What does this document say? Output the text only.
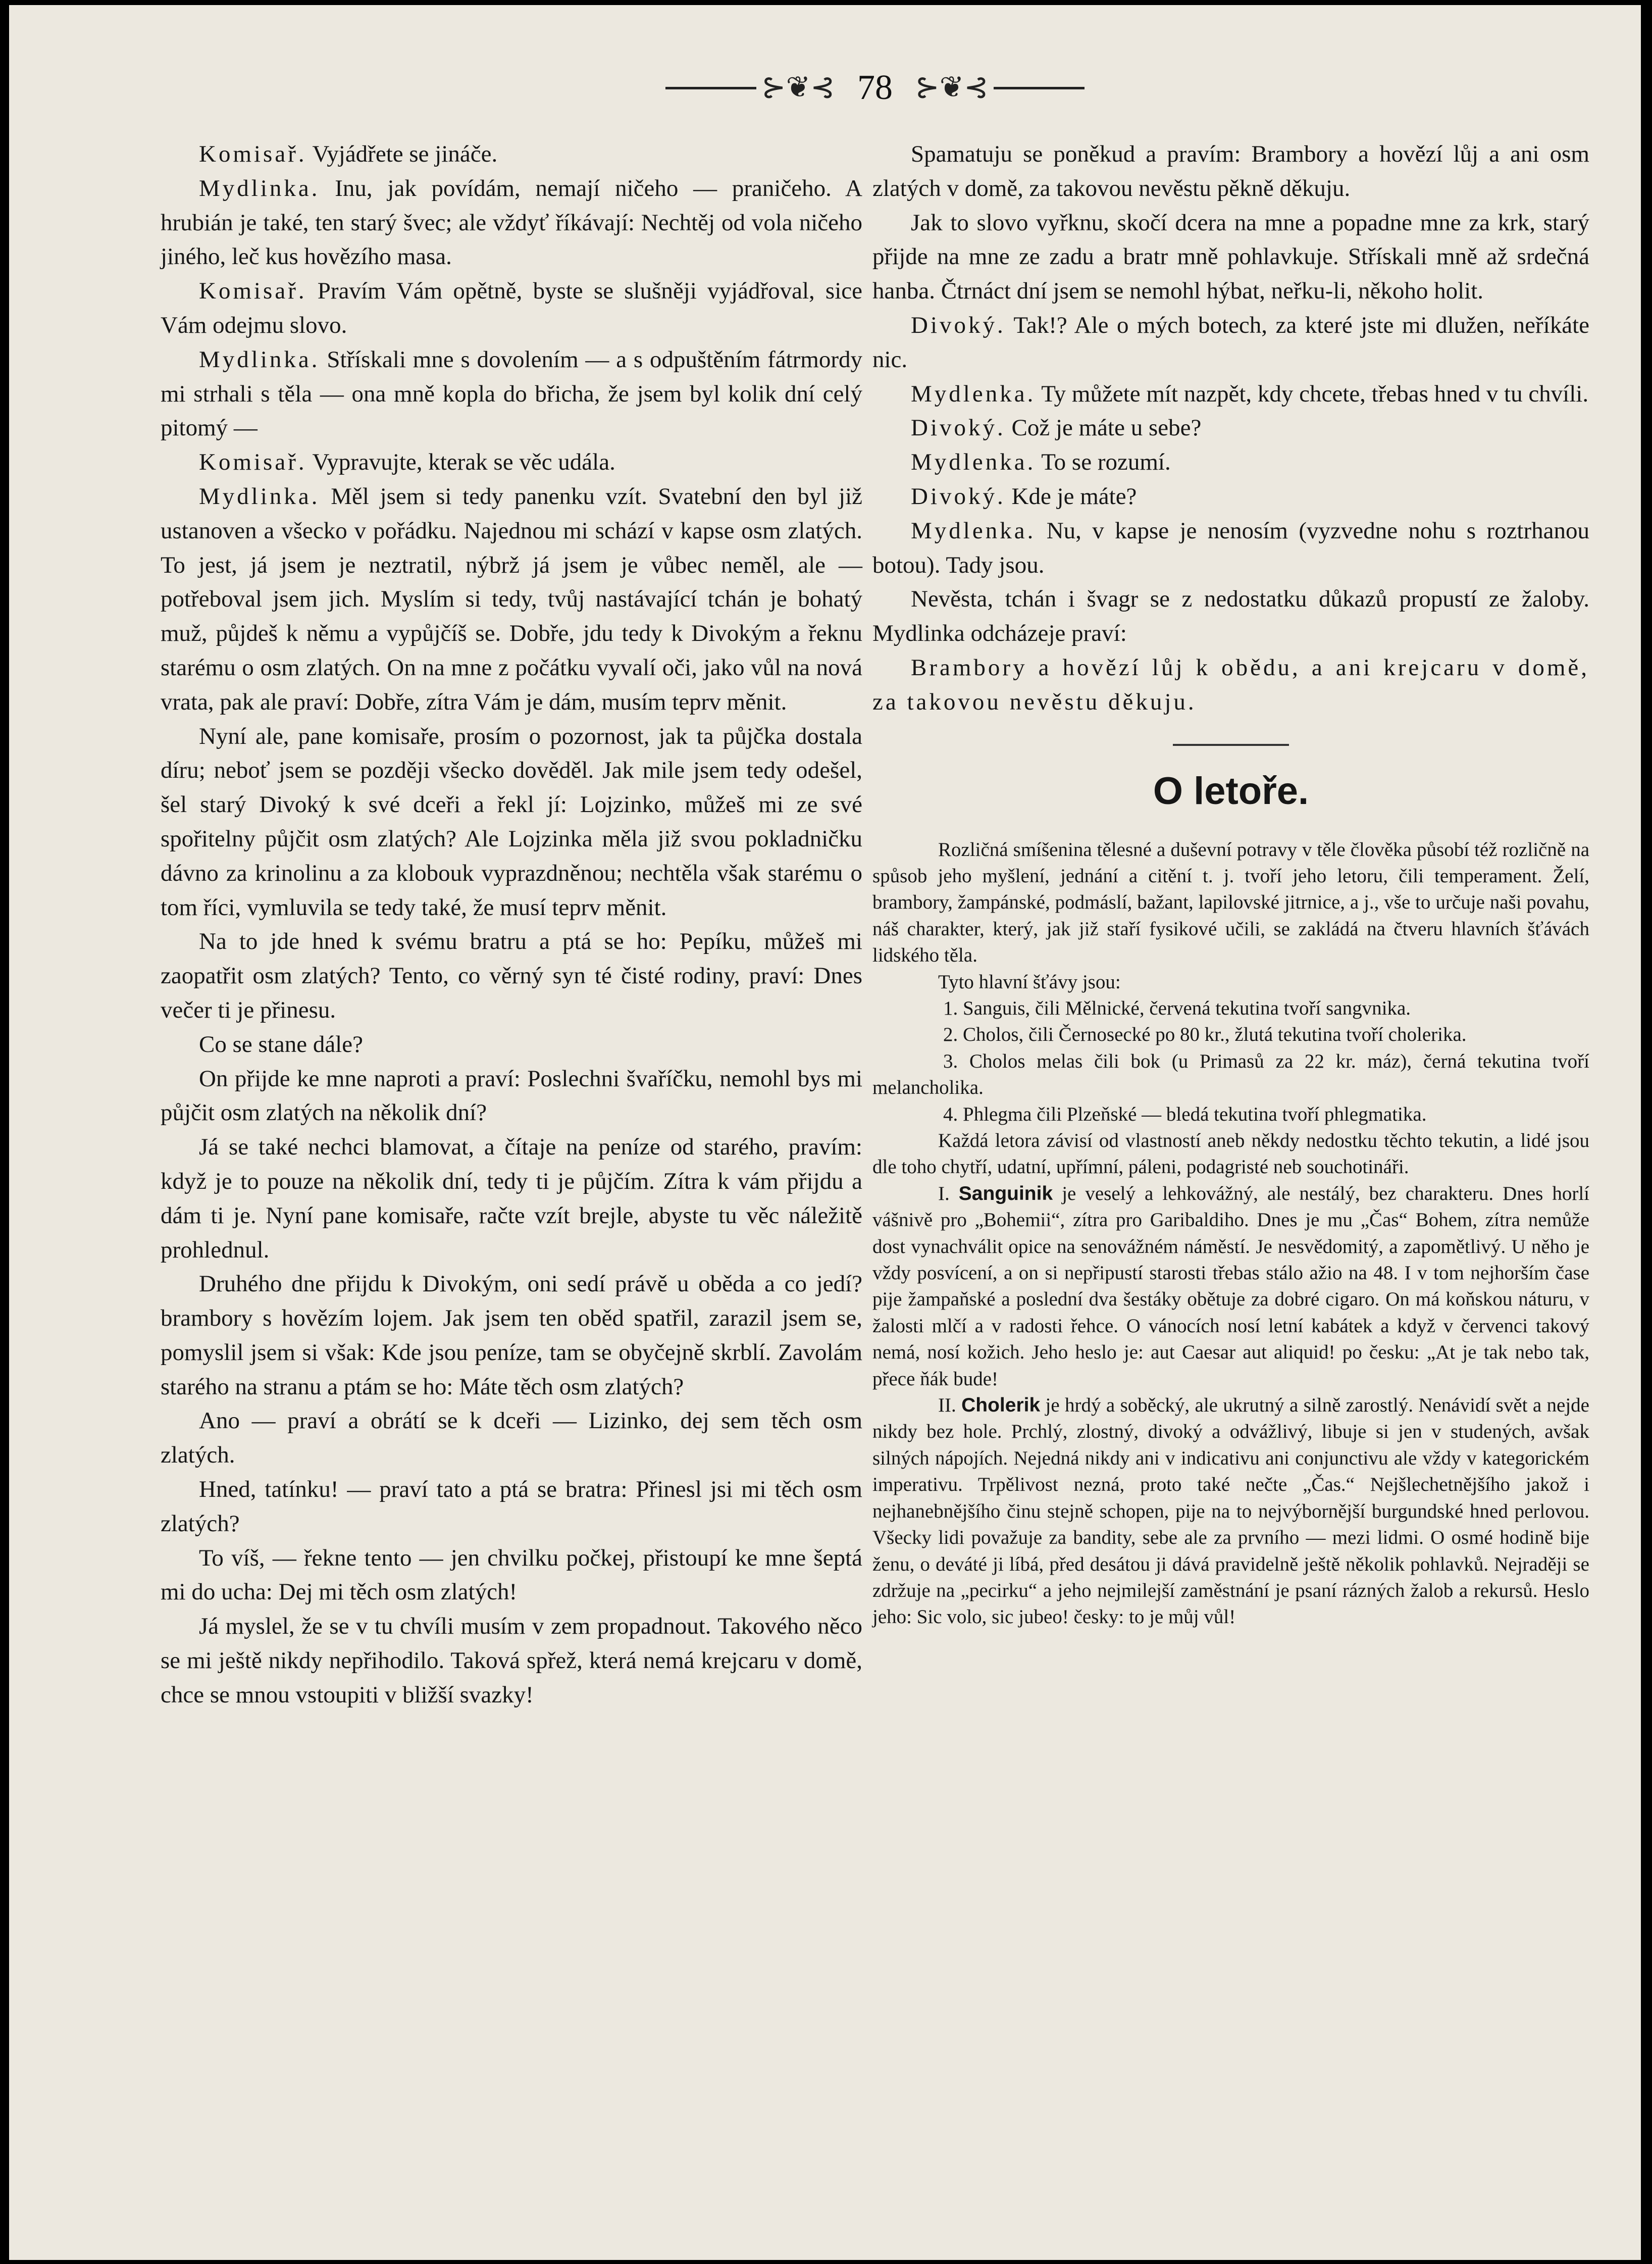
⊱❦⊰ 78 ⊱❦⊰

Komisař. Vyjádřete se jináče.

Mydlinka. Inu, jak povídám, nemají ničeho — praničeho. A hrubián je také, ten starý švec; ale vždyť říkávají: Nechtěj od vola ničeho jiného, leč kus hovězího masa.

Komisař. Pravím Vám opětně, byste se slušněji vyjádřoval, sice Vám odejmu slovo.

Mydlinka. Střískali mne s dovolením — a s odpuštěním fátrmordy mi strhali s těla — ona mně kopla do břicha, že jsem byl kolik dní celý pitomý —

Komisař. Vypravujte, kterak se věc udála.

Mydlinka. Měl jsem si tedy panenku vzít. Svatební den byl již ustanoven a všecko v pořádku. Najednou mi schází v kapse osm zlatých. To jest, já jsem je neztratil, nýbrž já jsem je vůbec neměl, ale — potřeboval jsem jich. Myslím si tedy, tvůj nastávající tchán je bohatý muž, půjdeš k němu a vypůjčíš se. Dobře, jdu tedy k Divokým a řeknu starému o osm zlatých. On na mne z počátku vyvalí oči, jako vůl na nová vrata, pak ale praví: Dobře, zítra Vám je dám, musím teprv měnit.

Nyní ale, pane komisaře, prosím o pozornost, jak ta půjčka dostala díru; neboť jsem se později všecko dověděl. Jak mile jsem tedy odešel, šel starý Divoký k své dceři a řekl jí: Lojzinko, můžeš mi ze své spořitelny půjčit osm zlatých? Ale Lojzinka měla již svou pokladničku dávno za krinolinu a za klobouk vyprazdněnou; nechtěla však starému o tom říci, vymluvila se tedy také, že musí teprv měnit.

Na to jde hned k svému bratru a ptá se ho: Pepíku, můžeš mi zaopatřit osm zlatých? Tento, co věrný syn té čisté rodiny, praví: Dnes večer ti je přinesu.

Co se stane dále?

On přijde ke mne naproti a praví: Poslechni švaříčku, nemohl bys mi půjčit osm zlatých na několik dní?

Já se také nechci blamovat, a čítaje na peníze od starého, pravím: když je to pouze na několik dní, tedy ti je půjčím. Zítra k vám přijdu a dám ti je. Nyní pane komisaře, račte vzít brejle, abyste tu věc náležitě prohlednul.

Druhého dne přijdu k Divokým, oni sedí právě u oběda a co jedí? brambory s hovězím lojem. Jak jsem ten oběd spatřil, zarazil jsem se, pomyslil jsem si však: Kde jsou peníze, tam se obyčejně skrblí. Zavolám starého na stranu a ptám se ho: Máte těch osm zlatých?

Ano — praví a obrátí se k dceři — Lizinko, dej sem těch osm zlatých.

Hned, tatínku! — praví tato a ptá se bratra: Přinesl jsi mi těch osm zlatých?

To víš, — řekne tento — jen chvilku počkej, přistoupí ke mne šeptá mi do ucha: Dej mi těch osm zlatých!

Já myslel, že se v tu chvíli musím v zem propadnout. Takového něco se mi ještě nikdy nepřihodilo. Taková spřež, která nemá krejcaru v domě, chce se mnou vstoupiti v bližší svazky!

Spamatuju se poněkud a pravím: Brambory a hovězí lůj a ani osm zlatých v domě, za takovou nevěstu pěkně děkuju.

Jak to slovo vyřknu, skočí dcera na mne a popadne mne za krk, starý přijde na mne ze zadu a bratr mně pohlavkuje. Střískali mně až srdečná hanba. Čtrnáct dní jsem se nemohl hýbat, neřku-li, někoho holit.

Divoký. Tak!? Ale o mých botech, za které jste mi dlužen, neříkáte nic.

Mydlenka. Ty můžete mít nazpět, kdy chcete, třebas hned v tu chvíli.

Divoký. Což je máte u sebe?

Mydlenka. To se rozumí.

Divoký. Kde je máte?

Mydlenka. Nu, v kapse je nenosím (vyzvedne nohu s roztrhanou botou). Tady jsou.

Nevěsta, tchán i švagr se z nedostatku důkazů propustí ze žaloby. Mydlinka odcházeje praví:

Brambory a hovězí lůj k obědu, a ani krejcaru v domě, za takovou nevěstu děkuju.

O letoře.

Rozličná smíšenina tělesné a duševní potravy v těle člověka působí též rozličně na spůsob jeho myšlení, jednání a citění t. j. tvoří jeho letoru, čili temperament. Želí, brambory, žampánské, podmáslí, bažant, lapilovské jitrnice, a j., vše to určuje naši povahu, náš charakter, který, jak již staří fysikové učili, se zakládá na čtveru hlavních šťávách lidského těla.

Tyto hlavní šťávy jsou:

1. Sanguis, čili Mělnické, červená tekutina tvoří sangvnika.

2. Cholos, čili Černosecké po 80 kr., žlutá tekutina tvoří cholerika.

3. Cholos melas čili bok (u Primasů za 22 kr. máz), černá tekutina tvoří melancholika.

4. Phlegma čili Plzeňské — bledá tekutina tvoří phlegmatika.

Každá letora závisí od vlastností aneb někdy nedostku těchto tekutin, a lidé jsou dle toho chytří, udatní, upřímní, páleni, podagristé neb souchotináři.

I. Sanguinik je veselý a lehkovážný, ale nestálý, bez charakteru. Dnes horlí vášnivě pro „Bohemii“, zítra pro Garibaldiho. Dnes je mu „Čas“ Bohem, zítra nemůže dost vynachválit opice na senovážném náměstí. Je nesvědomitý, a zapomětlivý. U něho je vždy posvícení, a on si nepřipustí starosti třebas stálo ažio na 48. I v tom nejhorším čase pije žampaňské a poslední dva šestáky obětuje za dobré cigaro. On má koňskou náturu, v žalosti mlčí a v radosti řehce. O vánocích nosí letní kabátek a když v červenci takový nemá, nosí kožich. Jeho heslo je: aut Caesar aut aliquid! po česku: „At je tak nebo tak, přece ňák bude!

II. Cholerik je hrdý a soběcký, ale ukrutný a silně zarostlý. Nenávidí svět a nejde nikdy bez hole. Prchlý, zlostný, divoký a odvážlivý, libuje si jen v studených, avšak silných nápojích. Nejedná nikdy ani v indicativu ani conjunctivu ale vždy v kategorickém imperativu. Trpělivost nezná, proto také nečte „Čas.“ Nejšlechetnějšího jakož i nejhanebnějšího činu stejně schopen, pije na to nejvýbornější burgundské hned perlovou. Všecky lidi považuje za bandity, sebe ale za prvního — mezi lidmi. O osmé hodině bije ženu, o deváté ji líbá, před desátou ji dává pravidelně ještě několik pohlavků. Nejraději se zdržuje na „pecirku“ a jeho nejmilejší zaměstnání je psaní rázných žalob a rekursů. Heslo jeho: Sic volo, sic jubeo! česky: to je můj vůl!
